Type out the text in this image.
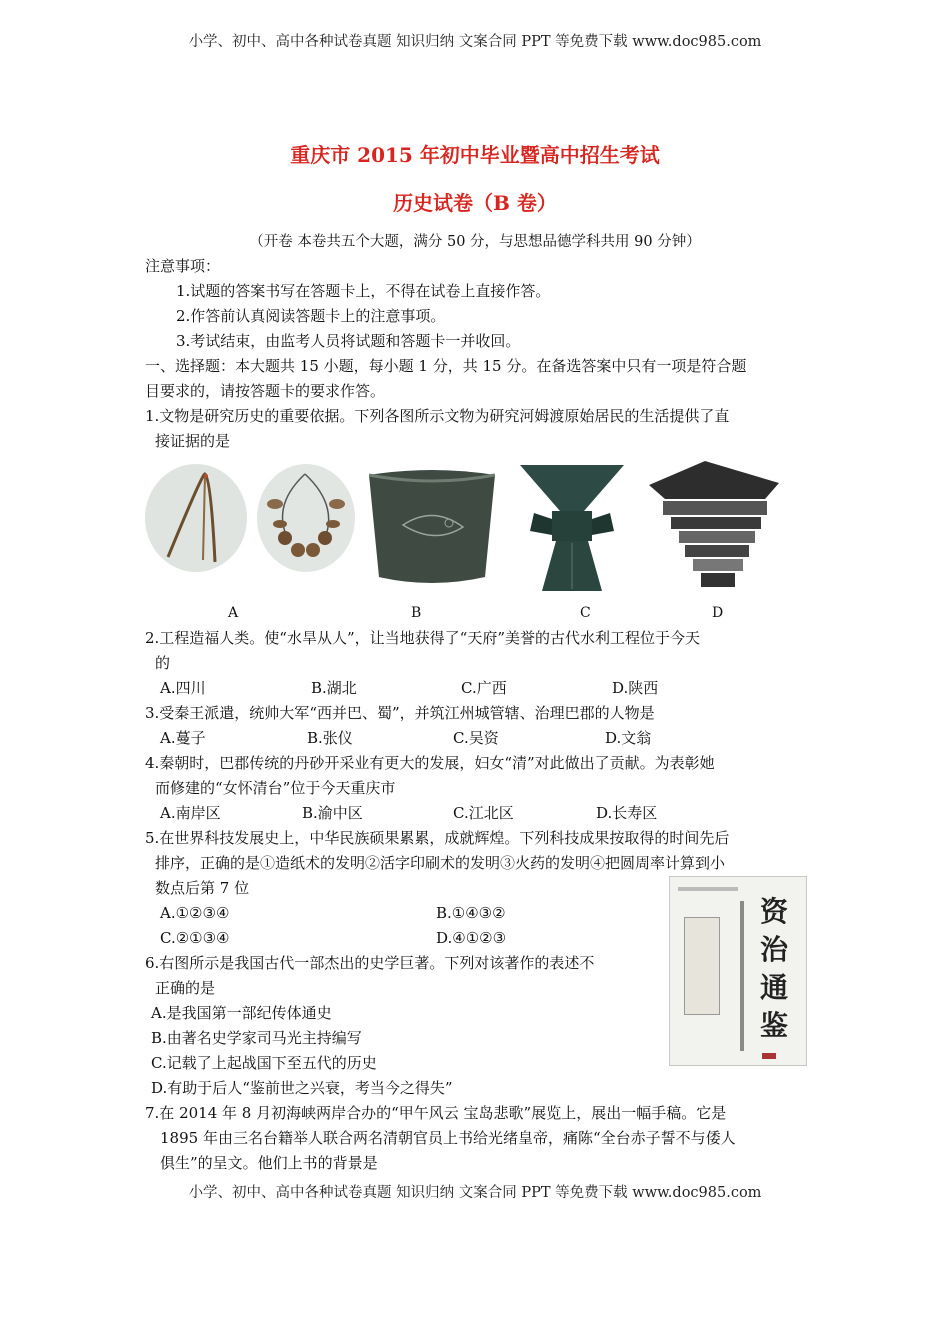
小学、初中、高中各种试卷真题 知识归纳 文案合同 PPT 等免费下载 www.doc985.com
重庆市 2015 年初中毕业暨高中招生考试
历史试卷（B 卷）
（开卷 本卷共五个大题，满分 50 分，与思想品德学科共用 90 分钟）
注意事项：
1.试题的答案书写在答题卡上，不得在试卷上直接作答。
2.作答前认真阅读答题卡上的注意事项。
3.考试结束，由监考人员将试题和答题卡一并收回。
一、选择题：本大题共 15 小题，每小题 1 分，共 15 分。在备选答案中只有一项是符合题
目要求的，请按答题卡的要求作答。
1.文物是研究历史的重要依据。下列各图所示文物为研究河姆渡原始居民的生活提供了直
接证据的是
A	B	C	D
2.工程造福人类。使“水旱从人”，让当地获得了“天府”美誉的古代水利工程位于今天
的
A.四川	B.湖北	C.广西	D.陕西
3.受秦王派遣，统帅大军“西并巴、蜀”，并筑江州城管辖、治理巴郡的人物是
A.蔓子	B.张仪	C.吴资	D.文翁
4.秦朝时，巴郡传统的丹砂开采业有更大的发展，妇女“清”对此做出了贡献。为表彰她
而修建的“女怀清台”位于今天重庆市
A.南岸区	B.渝中区	C.江北区	D.长寿区
5.在世界科技发展史上，中华民族硕果累累，成就辉煌。下列科技成果按取得的时间先后
排序，正确的是①造纸术的发明②活字印刷术的发明③火药的发明④把圆周率计算到小
数点后第 7 位
A.①②③④	B.①④③②
C.②①③④	D.④①②③
资治通鉴
6.右图所示是我国古代一部杰出的史学巨著。下列对该著作的表述不
正确的是
A.是我国第一部纪传体通史
B.由著名史学家司马光主持编写
C.记载了上起战国下至五代的历史
D.有助于后人“鉴前世之兴衰，考当今之得失”
7.在 2014 年 8 月初海峡两岸合办的“甲午风云 宝岛悲歌”展览上，展出一幅手稿。它是
1895 年由三名台籍举人联合两名清朝官员上书给光绪皇帝，痛陈“全台赤子誓不与倭人
俱生”的呈文。他们上书的背景是
小学、初中、高中各种试卷真题 知识归纳 文案合同 PPT 等免费下载 www.doc985.com
